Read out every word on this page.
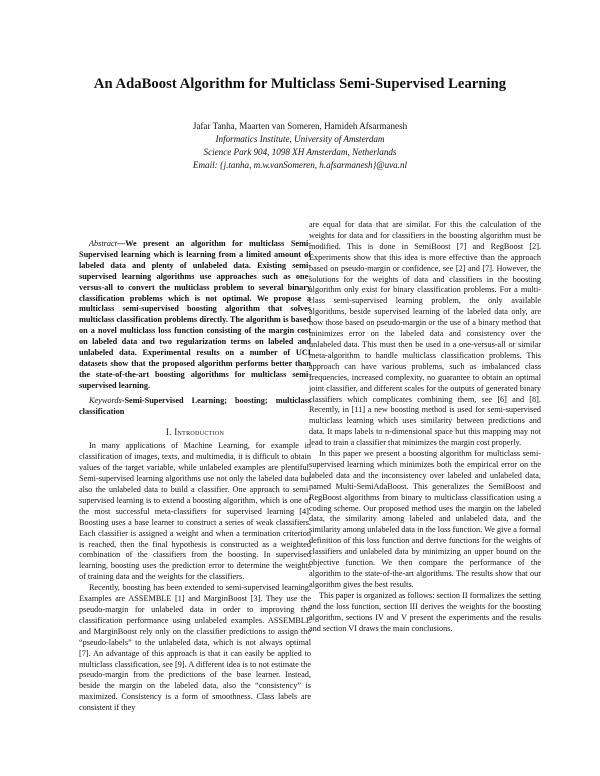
An AdaBoost Algorithm for Multiclass Semi-Supervised Learning
Jafar Tanha, Maarten van Someren, Hamideh Afsarmanesh
Informatics Institute, University of Amsterdam
Science Park 904, 1098 XH Amsterdam, Netherlands
Email: {j.tanha, m.w.vanSomeren, h.afsarmanesh}@uva.nl

Abstract—We present an algorithm for multiclass Semi-Supervised learning which is learning from a limited amount of labeled data and plenty of unlabeled data. Existing semi-supervised learning algorithms use approaches such as one-versus-all to convert the multiclass problem to several binary classification problems which is not optimal. We propose a multiclass semi-supervised boosting algorithm that solves multiclass classification problems directly. The algorithm is based on a novel multiclass loss function consisting of the margin cost on labeled data and two regularization terms on labeled and unlabeled data. Experimental results on a number of UCI datasets show that the proposed algorithm performs better than the state-of-the-art boosting algorithms for multiclass semi-supervised learning.

Keywords-Semi-Supervised Learning; boosting; multiclass classification

I. Introduction

In many applications of Machine Learning, for example in classification of images, texts, and multimedia, it is difficult to obtain values of the target variable, while unlabeled examples are plentiful. Semi-supervised learning algorithms use not only the labeled data but also the unlabeled data to build a classifier. One approach to semi-supervised learning is to extend a boosting algorithm, which is one of the most successful meta-classifiers for supervised learning [4]. Boosting uses a base learner to construct a series of weak classifiers. Each classifier is assigned a weight and when a termination criterion is reached, then the final hypothesis is constructed as a weighted combination of the classifiers from the boosting. In supervised learning, boosting uses the prediction error to determine the weights of training data and the weights for the classifiers.

Recently, boosting has been extended to semi-supervised learning. Examples are ASSEMBLE [1] and MarginBoost [3]. They use the pseudo-margin for unlabeled data in order to improving the classification performance using unlabeled examples. ASSEMBLE and MarginBoost rely only on the classifier predictions to assign the “pseudo-labels” to the unlabeled data, which is not always optimal [7]. An advantage of this approach is that it can easily be applied to multiclass classification, see [9]. A different idea is to not estimate the pseudo-margin from the predictions of the base learner. Instead, beside the margin on the labeled data, also the “consistency” is maximized. Consistency is a form of smoothness. Class labels are consistent if they

are equal for data that are similar. For this the calculation of the weights for data and for classifiers in the boosting algorithm must be modified. This is done in SemiBoost [7] and RegBoost [2]. Experiments show that this idea is more effective than the approach based on pseudo-margin or confidence, see [2] and [7]. However, the solutions for the weights of data and classifiers in the boosting algorithm only exist for binary classification problems. For a multi-class semi-supervised learning problem, the only available algorithms, beside supervised learning of the labeled data only, are now those based on pseudo-margin or the use of a binary method that minimizes error on the labeled data and consistency over the unlabeled data. This must then be used in a one-versus-all or similar meta-algorithm to handle multiclass classification problems. This approach can have various problems, such as imbalanced class frequencies, increased complexity, no guarantee to obtain an optimal joint classifier, and different scales for the outputs of generated binary classifiers which complicates combining them, see [6] and [8]. Recently, in [11] a new boosting method is used for semi-supervised multiclass learning which uses similarity between predictions and data. It maps labels to n-dimensional space but this mapping may not lead to train a classifier that minimizes the margin cost properly.

In this paper we present a boosting algorithm for multiclass semi-supervised learning which minimizes both the empirical error on the labeled data and the inconsistency over labeled and unlabeled data, named Multi-SemiAdaBoost. This generalizes the SemiBoost and RegBoost algorithms from binary to multiclass classification using a coding scheme. Our proposed method uses the margin on the labeled data, the similarity among labeled and unlabeled data, and the similarity among unlabeled data in the loss function. We give a formal definition of this loss function and derive functions for the weights of classifiers and unlabeled data by minimizing an upper bound on the objective function. We then compare the performance of the algorithm to the state-of-the-art algorithms. The results show that our algorithm gives the best results.

This paper is organized as follows: section II formalizes the setting and the loss function, section III derives the weights for the boosting algorithm, sections IV and V present the experiments and the results and section VI draws the main conclusions.
